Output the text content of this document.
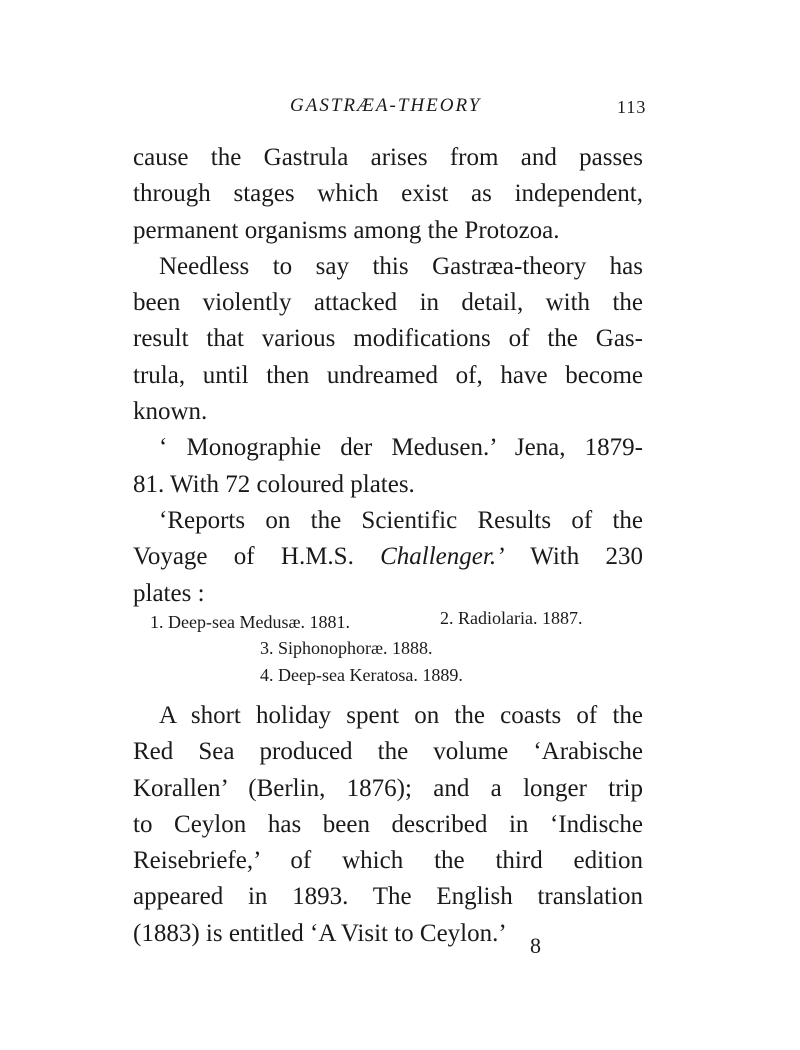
GASTRÆA-THEORY	113
cause the Gastrula arises from and passes
through stages which exist as independent,
permanent organisms among the Protozoa.
Needless to say this Gastræa-theory has
been violently attacked in detail, with the
result that various modifications of the Gas-
trula, until then undreamed of, have become
known.
‘ Monographie der Medusen.’ Jena, 1879-
81. With 72 coloured plates.
‘Reports on the Scientific Results of the
Voyage of H.M.S. Challenger.’ With 230
plates :
1. Deep-sea Medusæ. 1881.	2. Radiolaria. 1887.
3. Siphonophoræ. 1888.
4. Deep-sea Keratosa. 1889.
A short holiday spent on the coasts of the
Red Sea produced the volume ‘Arabische
Korallen’ (Berlin, 1876); and a longer trip
to Ceylon has been described in ‘Indische
Reisebriefe,’ of which the third edition
appeared in 1893. The English translation
(1883) is entitled ‘A Visit to Ceylon.’	8
